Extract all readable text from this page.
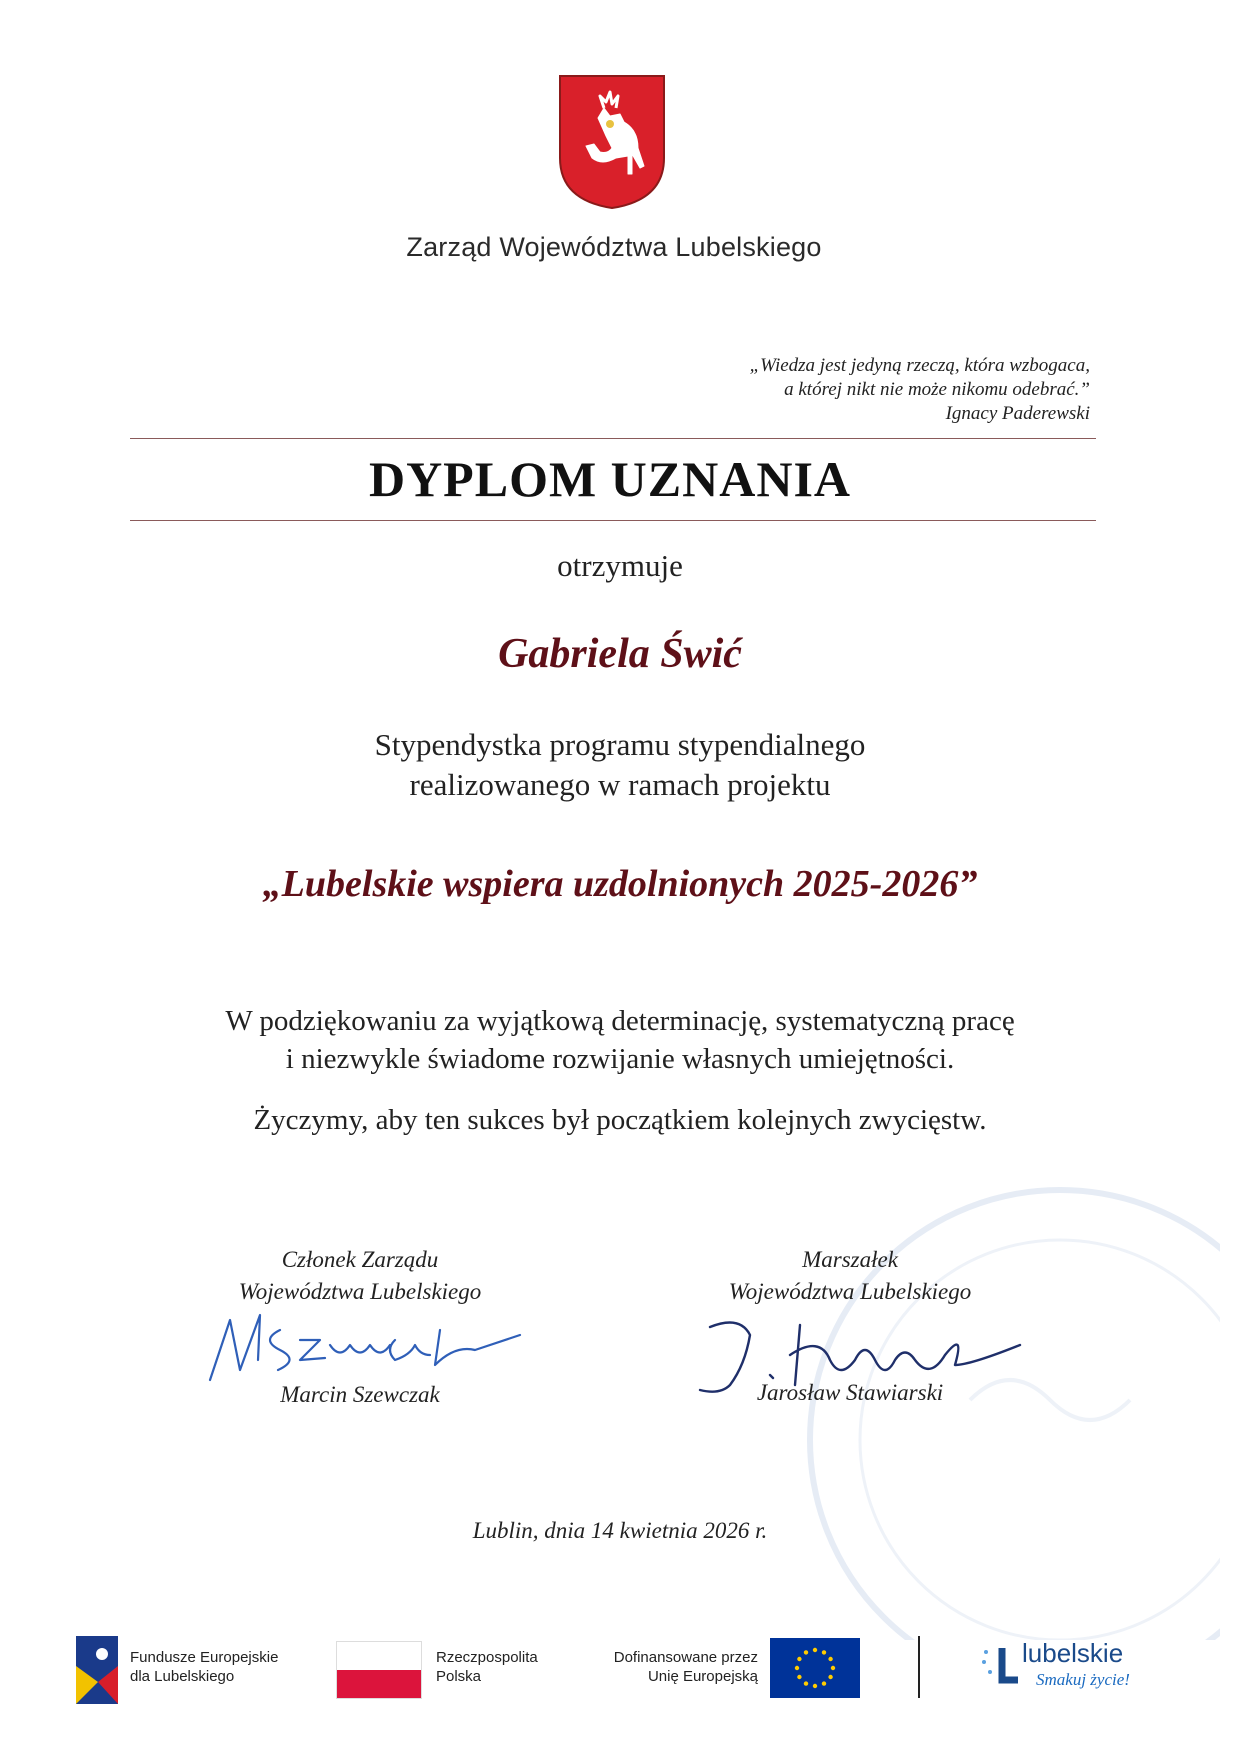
Zarząd Województwa Lubelskiego
„Wiedza jest jedyną rzeczą, która wzbogaca,
a której nikt nie może nikomu odebrać.”
Ignacy Paderewski
DYPLOM UZNANIA
otrzymuje
Gabriela Świć
Stypendystka programu stypendialnego
realizowanego w ramach projektu
„Lubelskie wspiera uzdolnionych 2025-2026”
W podziękowaniu za wyjątkową determinację, systematyczną pracę
i niezwykle świadome rozwijanie własnych umiejętności.
Życzymy, aby ten sukces był początkiem kolejnych zwycięstw.
Członek Zarządu
Województwa Lubelskiego
Marcin Szewczak
Marszałek
Województwa Lubelskiego
Jarosław Stawiarski
Lublin, dnia 14 kwietnia 2026 r.
Fundusze Europejskie
dla Lubelskiego
Rzeczpospolita
Polska
Dofinansowane przez
Unię Europejską
lubelskie
Smakuj życie!
